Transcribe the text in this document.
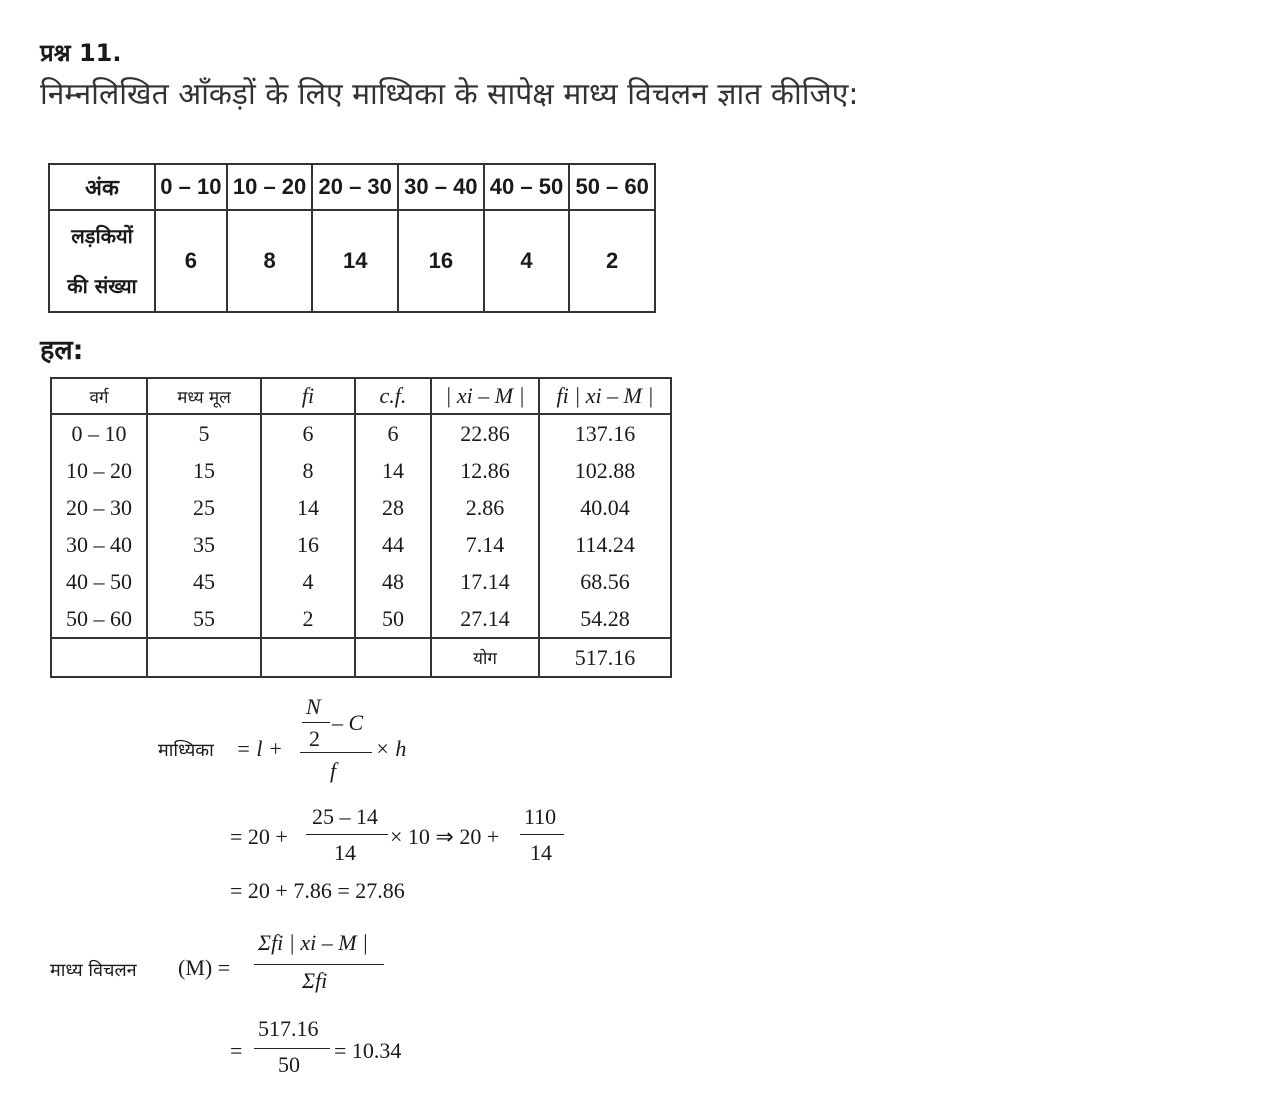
प्रश्न 11.
निम्नलिखित आँकड़ों के लिए माध्यिका के सापेक्ष माध्य विचलन ज्ञात कीजिए:
अंक	0 – 10	10 – 20	20 – 30	30 – 40	40 – 50	50 – 60

लड़कियों
की संख्या	6	8	14	16	4	2
हल:
वर्ग	मध्य मूल	fi	c.f.	| xi – M |	fi | xi – M |
0 – 10	5	6	6	22.86	137.16
10 – 20	15	8	14	12.86	102.88
20 – 30	25	14	28	2.86	40.04
30 – 40	35	16	44	7.14	114.24
40 – 50	45	4	48	17.14	68.56
50 – 60	55	2	50	27.14	54.28
				योग	517.16
माध्यिका = l +
N
2
– C
f
× h
= 20 +
25 – 14
14
× 10 ⇒ 20 +
110
14
= 20 + 7.86 = 27.86
माध्य विचलन (M) =
Σfi | xi – M |
Σfi
=
517.16
50
= 10.34
